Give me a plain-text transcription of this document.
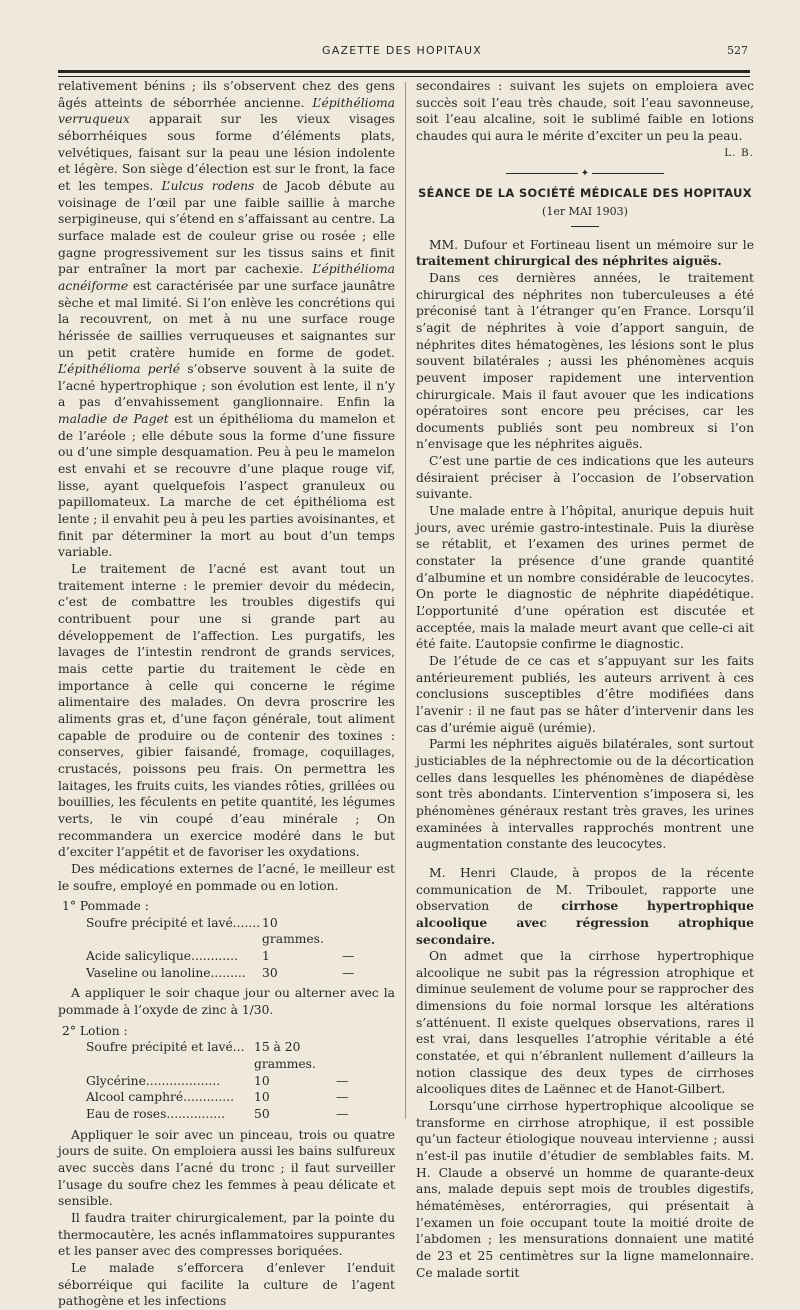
GAZETTE DES HOPITAUX	527

relativement bénins ; ils s’observent chez des gens âgés atteints de séborrhée ancienne. L’épithélioma verruqueux apparait sur les vieux visages séborrhéiques sous forme d’éléments plats, velvétiques, faisant sur la peau une lésion indolente et légère. Son siège d’élection est sur le front, la face et les tempes. L’ulcus rodens de Jacob débute au voisinage de l’œil par une faible saillie à marche serpigineuse, qui s’étend en s’affaissant au centre. La surface malade est de couleur grise ou rosée ; elle gagne progressivement sur les tissus sains et finit par entraîner la mort par cachexie. L’épithélioma acnéiforme est caractérisée par une surface jaunâtre sèche et mal limité. Si l’on enlève les concrétions qui la recouvrent, on met à nu une surface rouge hérissée de saillies verruqueuses et saignantes sur un petit cratère humide en forme de godet. L’épithélioma perlé s’observe souvent à la suite de l’acné hypertrophique ; son évolution est lente, il n’y a pas d’envahissement ganglionnaire. Enfin la maladie de Paget est un épithélioma du mamelon et de l’aréole ; elle débute sous la forme d’une fissure ou d’une simple desquamation. Peu à peu le mamelon est envahi et se recouvre d’une plaque rouge vif, lisse, ayant quelquefois l’aspect granuleux ou papillomateux. La marche de cet épithélioma est lente ; il envahit peu à peu les parties avoisinantes, et finit par déterminer la mort au bout d’un temps variable.

Le traitement de l’acné est avant tout un traitement interne : le premier devoir du médecin, c’est de combattre les troubles digestifs qui contribuent pour une si grande part au développement de l’affection. Les purgatifs, les lavages de l’intestin rendront de grands services, mais cette partie du traitement le cède en importance à celle qui concerne le régime alimentaire des malades. On devra proscrire les aliments gras et, d’une façon générale, tout aliment capable de produire ou de contenir des toxines : conserves, gibier faisandé, fromage, coquillages, crustacés, poissons peu frais. On permettra les laitages, les fruits cuits, les viandes rôties, grillées ou bouillies, les féculents en petite quantité, les légumes verts, le vin coupé d’eau minérale ; On recommandera un exercice modéré dans le but d’exciter l’appétit et de favoriser les oxydations.

Des médications externes de l’acné, le meilleur est le soufre, employé en pommade ou en lotion.

1° Pommade :
Soufre précipité et lavé....... 10 grammes.
Acide salicylique............	1	—
Vaseline ou lanoline.........	30	—

A appliquer le soir chaque jour ou alterner avec la pommade à l’oxyde de zinc à 1/30.

2° Lotion :
Soufre précipité et lavé... 15 à 20 grammes.
Glycérine...................	10	—
Alcool camphré.............	10	—
Eau de roses...............	50	—

Appliquer le soir avec un pinceau, trois ou quatre jours de suite. On emploiera aussi les bains sulfureux avec succès dans l’acné du tronc ; il faut surveiller l’usage du soufre chez les femmes à peau délicate et sensible.

Il faudra traiter chirurgicalement, par la pointe du thermocautère, les acnés inflammatoires suppurantes et les panser avec des compresses boriquées.

Le malade s’efforcera d’enlever l’enduit séborréique qui facilite la culture de l’agent pathogène et les infections

secondaires : suivant les sujets on emploiera avec succès soit l’eau très chaude, soit l’eau savonneuse, soit l’eau alcaline, soit le sublimé faible en lotions chaudes qui aura le mérite d’exciter un peu la peau.

L. B.
✦
SÉANCE DE LA SOCIÉTÉ MÉDICALE DES HOPITAUX
(1er MAI 1903)

MM. Dufour et Fortineau lisent un mémoire sur le traitement chirurgical des néphrites aiguës.

Dans ces dernières années, le traitement chirurgical des néphrites non tuberculeuses a été préconisé tant à l’étranger qu’en France. Lorsqu’il s’agit de néphrites à voie d’apport sanguin, de néphrites dites hématogènes, les lésions sont le plus souvent bilatérales ; aussi les phénomènes acquis peuvent imposer rapidement une intervention chirurgicale. Mais il faut avouer que les indications opératoires sont encore peu précises, car les documents publiés sont peu nombreux si l’on n’envisage que les néphrites aiguës.

C’est une partie de ces indications que les auteurs désiraient préciser à l’occasion de l’observation suivante.

Une malade entre à l’hôpital, anurique depuis huit jours, avec urémie gastro-intestinale. Puis la diurèse se rétablit, et l’examen des urines permet de constater la présence d’une grande quantité d’albumine et un nombre considérable de leucocytes. On porte le diagnostic de néphrite diapédétique. L’opportunité d’une opération est discutée et acceptée, mais la malade meurt avant que celle-ci ait été faite. L’autopsie confirme le diagnostic.

De l’étude de ce cas et s’appuyant sur les faits antérieurement publiés, les auteurs arrivent à ces conclusions susceptibles d’être modifiées dans l’avenir : il ne faut pas se hâter d’intervenir dans les cas d’urémie aiguë (urémie).

Parmi les néphrites aiguës bilatérales, sont surtout justiciables de la néphrectomie ou de la décortication celles dans lesquelles les phénomènes de diapédèse sont très abondants. L’intervention s’imposera si, les phénomènes généraux restant très graves, les urines examinées à intervalles rapprochés montrent une augmentation constante des leucocytes.

M. Henri Claude, à propos de la récente communication de M. Triboulet, rapporte une observation de cirrhose hypertrophique alcoolique avec régression atrophique secondaire.

On admet que la cirrhose hypertrophique alcoolique ne subit pas la régression atrophique et diminue seulement de volume pour se rapprocher des dimensions du foie normal lorsque les altérations s’atténuent. Il existe quelques observations, rares il est vrai, dans lesquelles l’atrophie véritable a été constatée, et qui n’ébranlent nullement d’ailleurs la notion classique des deux types de cirrhoses alcooliques dites de Laënnec et de Hanot-Gilbert.

Lorsqu’une cirrhose hypertrophique alcoolique se transforme en cirrhose atrophique, il est possible qu’un facteur étiologique nouveau intervienne ; aussi n’est-il pas inutile d’étudier de semblables faits. M. H. Claude a observé un homme de quarante-deux ans, malade depuis sept mois de troubles digestifs, hématémèses, entérorragies, qui présentait à l’examen un foie occupant toute la moitié droite de l’abdomen ; les mensurations donnaient une matité de 23 et 25 centimètres sur la ligne mamelonnaire. Ce malade sortit
